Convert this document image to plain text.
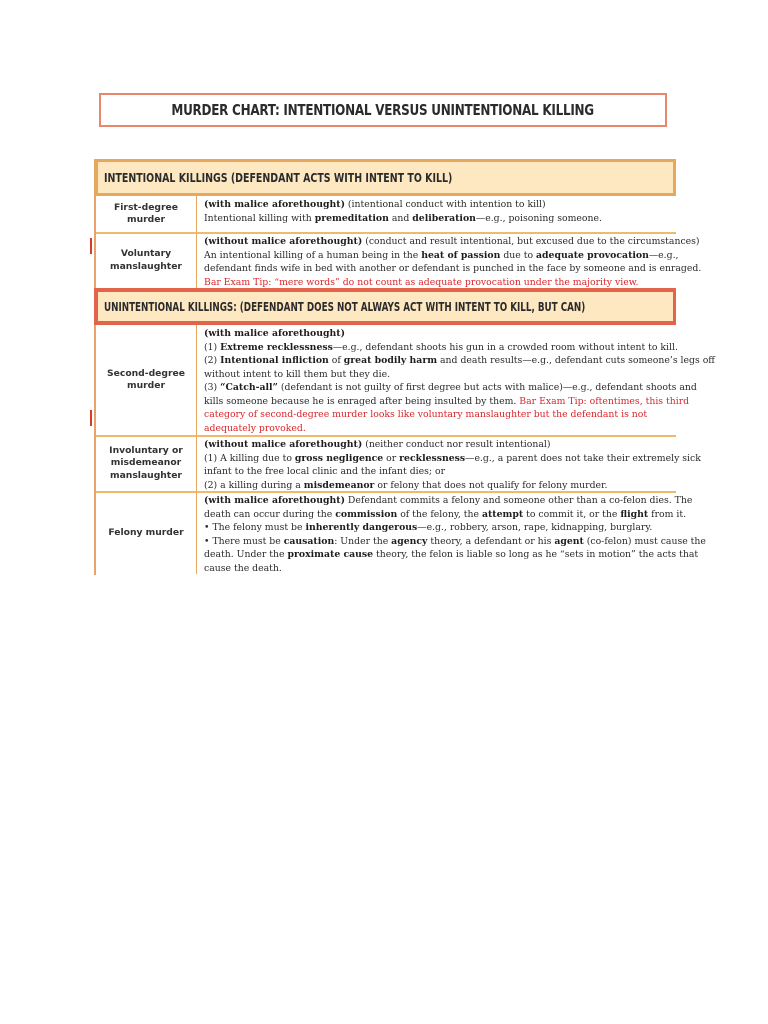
MURDER CHART: INTENTIONAL VERSUS UNINTENTIONAL KILLING
INTENTIONAL KILLINGS (DEFENDANT ACTS WITH INTENT TO KILL)
First-degree
murder

(with malice aforethought) (intentional conduct with intention to kill)

Intentional killing with premeditation and deliberation—e.g., poisoning someone.

Voluntary
manslaughter

(without malice aforethought) (conduct and result intentional, but excused due to the circumstances)

An intentional killing of a human being in the heat of passion due to adequate provocation—e.g.,

defendant finds wife in bed with another or defendant is punched in the face by someone and is enraged.

Bar Exam Tip: “mere words” do not count as adequate provocation under the majority view.

UNINTENTIONAL KILLINGS: (DEFENDANT DOES NOT ALWAYS ACT WITH INTENT TO KILL, BUT CAN)
Second-degree
murder

(with malice aforethought)

(1) Extreme recklessness—e.g., defendant shoots his gun in a crowded room without intent to kill.

(2) Intentional infliction of great bodily harm and death results—e.g., defendant cuts someone’s legs off

without intent to kill them but they die.

(3) “Catch-all” (defendant is not guilty of first degree but acts with malice)—e.g., defendant shoots and

kills someone because he is enraged after being insulted by them. Bar Exam Tip: oftentimes, this third

category of second-degree murder looks like voluntary manslaughter but the defendant is not

adequately provoked.

Involuntary or
misdemeanor
manslaughter

(without malice aforethought) (neither conduct nor result intentional)

(1) A killing due to gross negligence or recklessness—e.g., a parent does not take their extremely sick

infant to the free local clinic and the infant dies; or

(2) a killing during a misdemeanor or felony that does not qualify for felony murder.

Felony murder

(with malice aforethought) Defendant commits a felony and someone other than a co-felon dies. The

death can occur during the commission of the felony, the attempt to commit it, or the flight from it.

• The felony must be inherently dangerous—e.g., robbery, arson, rape, kidnapping, burglary.

• There must be causation: Under the agency theory, a defendant or his agent (co-felon) must cause the

death. Under the proximate cause theory, the felon is liable so long as he “sets in motion” the acts that

cause the death.
